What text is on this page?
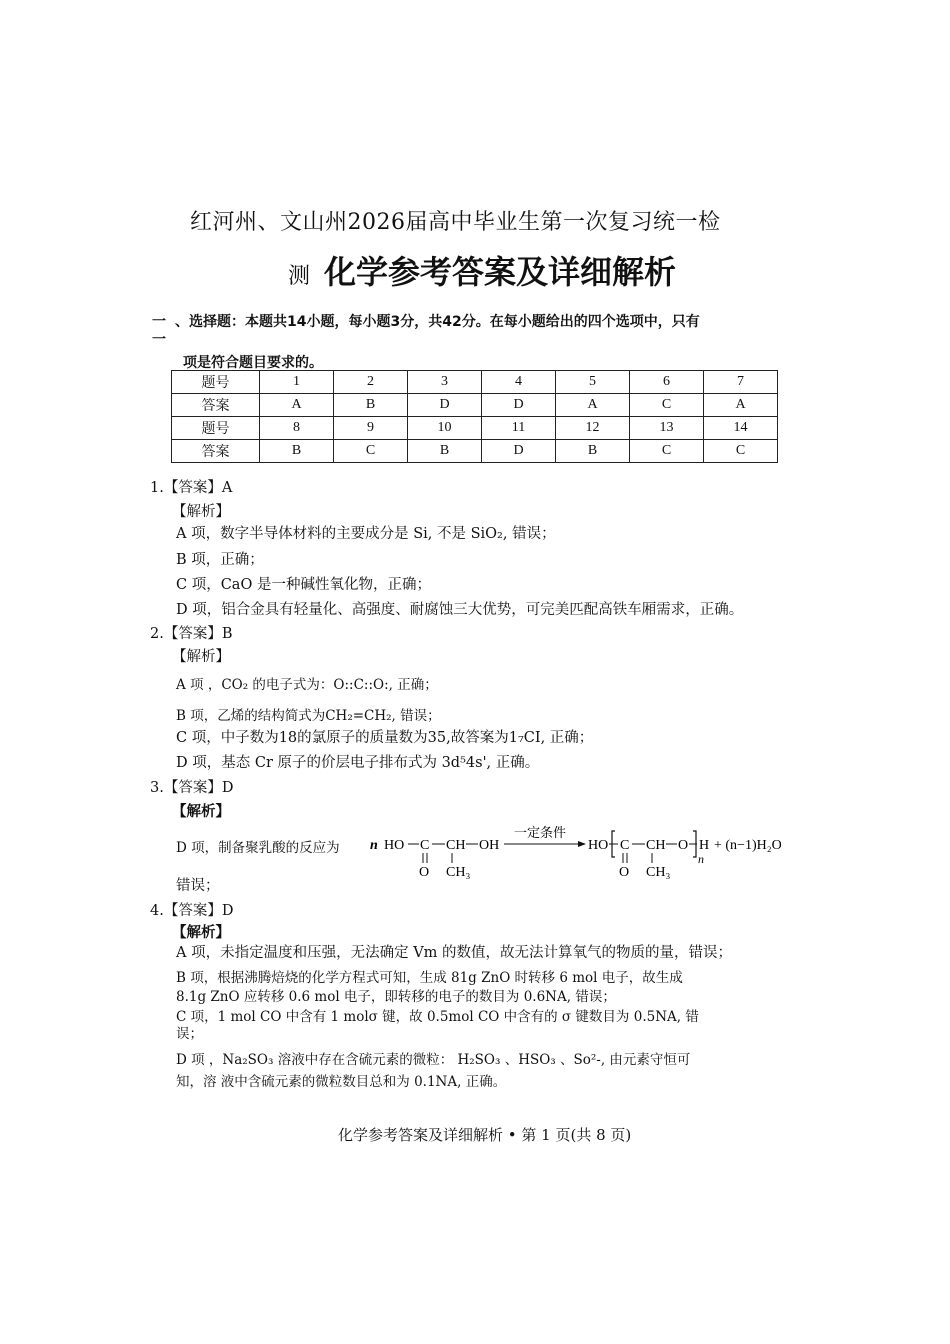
红河州、文山州2026届高中毕业生第一次复习统一检
测 化学参考答案及详细解析
一
一
、选择题：本题共14小题，每小题3分，共42分。在每小题给出的四个选项中，只有
项是符合题目要求的。
题号	1	2	3	4	5	6	7
答案	A	B	D	D	A	C	A
题号	8	9	10	11	12	13	14
答案	B	C	B	D	B	C	C
1.【答案】A
【解析】
A 项，数字半导体材料的主要成分是 Si, 不是 SiO₂, 错误；
B 项，正确；
C 项，CaO 是一种碱性氧化物，正确；
D 项，铝合金具有轻量化、高强度、耐腐蚀三大优势，可完美匹配高铁车厢需求，正确。
2.【答案】B
【解析】
A 项 ，CO₂ 的电子式为：O::C::O:, 正确；
B 项，乙烯的结构简式为CH₂=CH₂, 错误；
C 项，中子数为18的氯原子的质量数为35,故答案为1₇CI, 正确；
D 项，基态 Cr 原子的价层电子排布式为 3d⁵4s', 正确。
3.【答案】D
【解析】
D 项，制备聚乳酸的反应为 n HO C CH OH
O CH₃
一定条件
HO C CH O H
n
O CH₃
+ (n−1)H₂O
错误；
4.【答案】D
【解析】
A 项，未指定温度和压强，无法确定 Vm 的数值，故无法计算氧气的物质的量，错误；
B 项，根据沸腾焙烧的化学方程式可知，生成 81g ZnO 时转移 6 mol 电子，故生成
8.1g ZnO 应转移 0.6 mol 电子，即转移的电子的数目为 0.6NA, 错误；
C 项，1 mol CO 中含有 1 molσ 键，故 0.5mol CO 中含有的 σ 键数目为 0.5NA, 错
误；
D 项 ，Na₂SO₃ 溶液中存在含硫元素的微粒： H₂SO₃ 、HSO₃ 、So²-, 由元素守恒可
知，溶 液中含硫元素的微粒数目总和为 0.1NA, 正确。
化学参考答案及详细解析 • 第 1 页(共 8 页)
